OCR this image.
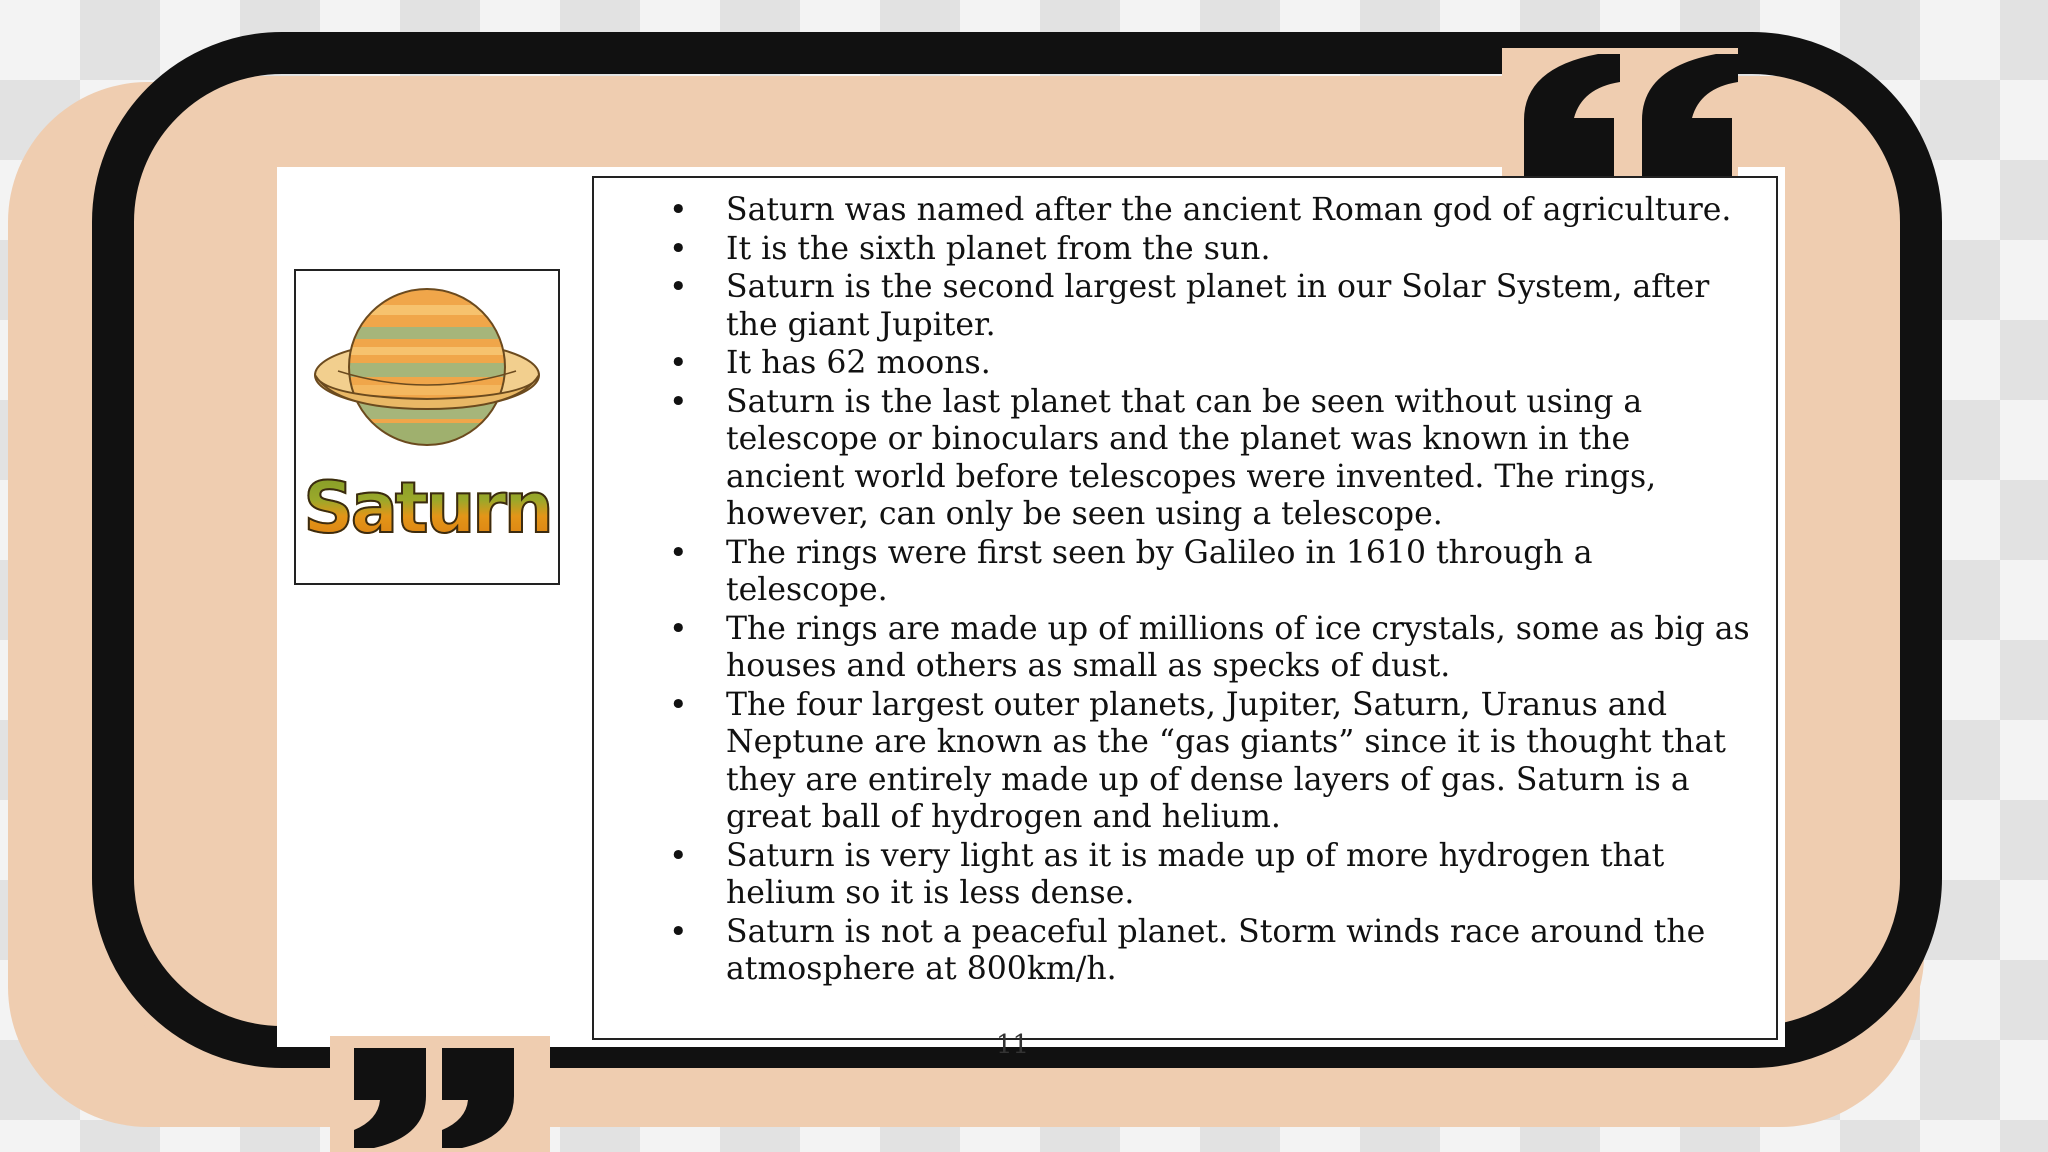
Saturn
• Saturn was named after the ancient Roman god of agriculture.
• It is the sixth planet from the sun.
• Saturn is the second largest planet in our Solar System, after the giant Jupiter.
• It has 62 moons.
• Saturn is the last planet that can be seen without using a telescope or binoculars and the planet was known in the ancient world before telescopes were invented. The rings, however, can only be seen using a telescope.
• The rings were first seen by Galileo in 1610 through a telescope.
• The rings are made up of millions of ice crystals, some as big as houses and others as small as specks of dust.
• The four largest outer planets, Jupiter, Saturn, Uranus and Neptune are known as the “gas giants” since it is thought that they are entirely made up of dense layers of gas. Saturn is a great ball of hydrogen and helium.
• Saturn is very light as it is made up of more hydrogen that helium so it is less dense.
• Saturn is not a peaceful planet. Storm winds race around the atmosphere at 800km/h.
11
